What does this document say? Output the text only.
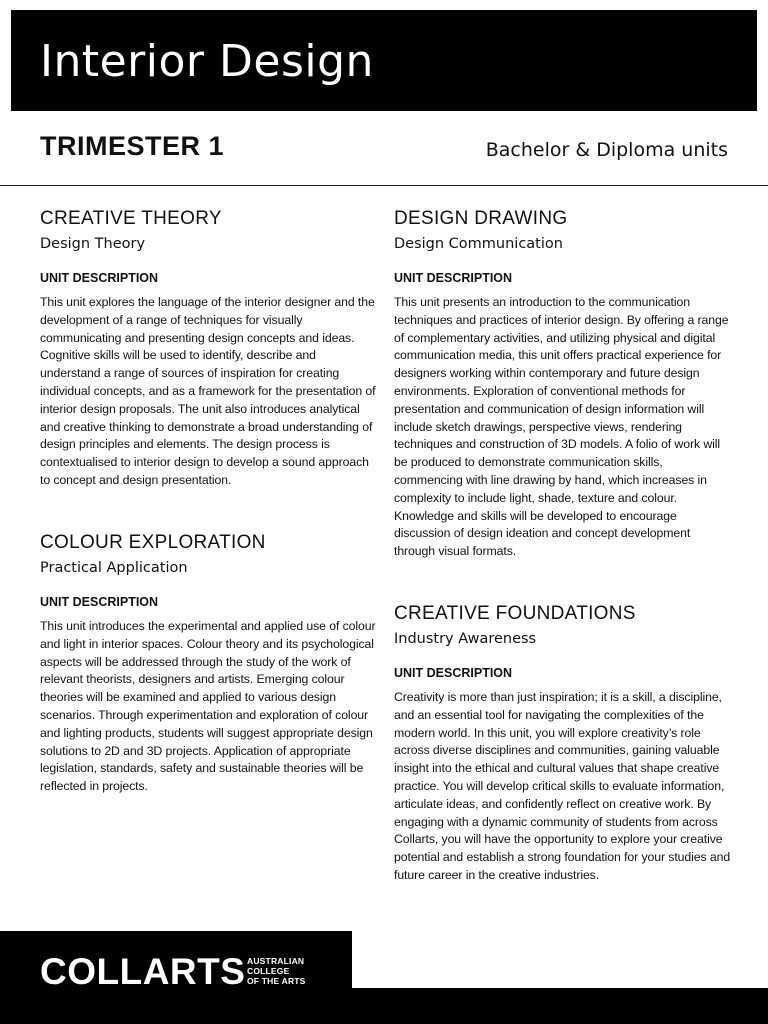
Interior Design
TRIMESTER 1	Bachelor & Diploma units
CREATIVE THEORY
Design Theory
UNIT DESCRIPTION

This unit explores the language of the interior designer and the development of a range of techniques for visually communicating and presenting design concepts and ideas. Cognitive skills will be used to identify, describe and understand a range of sources of inspiration for creating individual concepts, and as a framework for the presentation of interior design proposals. The unit also introduces analytical and creative thinking to demonstrate a broad understanding of design principles and elements. The design process is contextualised to interior design to develop a sound approach to concept and design presentation.

COLOUR EXPLORATION
Practical Application
UNIT DESCRIPTION

This unit introduces the experimental and applied use of colour and light in interior spaces. Colour theory and its psychological aspects will be addressed through the study of the work of relevant theorists, designers and artists. Emerging colour theories will be examined and applied to various design scenarios. Through experimentation and exploration of colour and lighting products, students will suggest appropriate design solutions to 2D and 3D projects. Application of appropriate legislation, standards, safety and sustainable theories will be reflected in projects.

DESIGN DRAWING
Design Communication
UNIT DESCRIPTION

This unit presents an introduction to the communication techniques and practices of interior design. By offering a range of complementary activities, and utilizing physical and digital communication media, this unit offers practical experience for designers working within contemporary and future design environments. Exploration of conventional methods for presentation and communication of design information will include sketch drawings, perspective views, rendering techniques and construction of 3D models. A folio of work will be produced to demonstrate communication skills, commencing with line drawing by hand, which increases in complexity to include light, shade, texture and colour. Knowledge and skills will be developed to encourage discussion of design ideation and concept development through visual formats.

CREATIVE FOUNDATIONS
Industry Awareness
UNIT DESCRIPTION

Creativity is more than just inspiration; it is a skill, a discipline, and an essential tool for navigating the complexities of the modern world. In this unit, you will explore creativity’s role across diverse disciplines and communities, gaining valuable insight into the ethical and cultural values that shape creative practice. You will develop critical skills to evaluate information, articulate ideas, and confidently reflect on creative work. By engaging with a dynamic community of students from across Collarts, you will have the opportunity to explore your creative potential and establish a strong foundation for your studies and future career in the creative industries.

COLLARTS AUSTRALIAN
COLLEGE
OF THE ARTS
